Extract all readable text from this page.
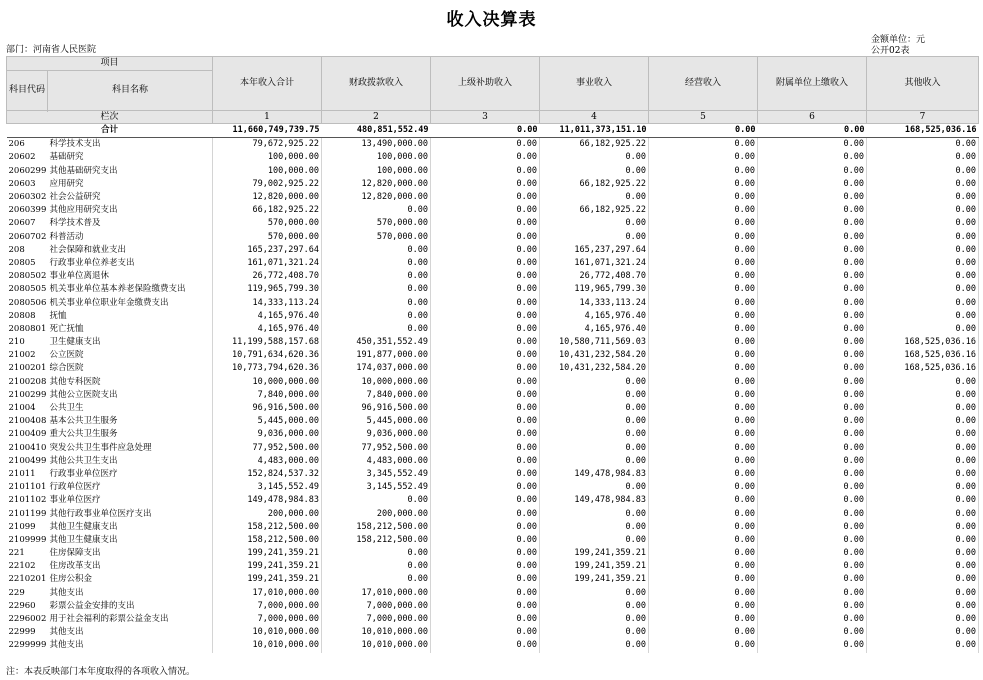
收入决算表
部门：河南省人民医院
金额单位：元
公开02表
项目		本年收入合计	财政拨款收入	上级补助收入	事业收入	经营收入	附属单位上缴收入	其他收入
科目代码	科目名称							

栏次		1	2	3	4	5	6	7
合计		11,660,749,739.75	480,851,552.49	0.00	11,011,373,151.10	0.00	0.00	168,525,036.16
206	科学技术支出	79,672,925.22	13,490,000.00	0.00	66,182,925.22	0.00	0.00	0.00
20602	基础研究	100,000.00	100,000.00	0.00	0.00	0.00	0.00	0.00
2060299	其他基础研究支出	100,000.00	100,000.00	0.00	0.00	0.00	0.00	0.00
20603	应用研究	79,002,925.22	12,820,000.00	0.00	66,182,925.22	0.00	0.00	0.00
2060302	社会公益研究	12,820,000.00	12,820,000.00	0.00	0.00	0.00	0.00	0.00
2060399	其他应用研究支出	66,182,925.22	0.00	0.00	66,182,925.22	0.00	0.00	0.00
20607	科学技术普及	570,000.00	570,000.00	0.00	0.00	0.00	0.00	0.00
2060702	科普活动	570,000.00	570,000.00	0.00	0.00	0.00	0.00	0.00
208	社会保障和就业支出	165,237,297.64	0.00	0.00	165,237,297.64	0.00	0.00	0.00
20805	行政事业单位养老支出	161,071,321.24	0.00	0.00	161,071,321.24	0.00	0.00	0.00
2080502	事业单位离退休	26,772,408.70	0.00	0.00	26,772,408.70	0.00	0.00	0.00
2080505	机关事业单位基本养老保险缴费支出	119,965,799.30	0.00	0.00	119,965,799.30	0.00	0.00	0.00
2080506	机关事业单位职业年金缴费支出	14,333,113.24	0.00	0.00	14,333,113.24	0.00	0.00	0.00
20808	抚恤	4,165,976.40	0.00	0.00	4,165,976.40	0.00	0.00	0.00
2080801	死亡抚恤	4,165,976.40	0.00	0.00	4,165,976.40	0.00	0.00	0.00
210	卫生健康支出	11,199,588,157.68	450,351,552.49	0.00	10,580,711,569.03	0.00	0.00	168,525,036.16
21002	公立医院	10,791,634,620.36	191,877,000.00	0.00	10,431,232,584.20	0.00	0.00	168,525,036.16
2100201	综合医院	10,773,794,620.36	174,037,000.00	0.00	10,431,232,584.20	0.00	0.00	168,525,036.16
2100208	其他专科医院	10,000,000.00	10,000,000.00	0.00	0.00	0.00	0.00	0.00
2100299	其他公立医院支出	7,840,000.00	7,840,000.00	0.00	0.00	0.00	0.00	0.00
21004	公共卫生	96,916,500.00	96,916,500.00	0.00	0.00	0.00	0.00	0.00
2100408	基本公共卫生服务	5,445,000.00	5,445,000.00	0.00	0.00	0.00	0.00	0.00
2100409	重大公共卫生服务	9,036,000.00	9,036,000.00	0.00	0.00	0.00	0.00	0.00
2100410	突发公共卫生事件应急处理	77,952,500.00	77,952,500.00	0.00	0.00	0.00	0.00	0.00
2100499	其他公共卫生支出	4,483,000.00	4,483,000.00	0.00	0.00	0.00	0.00	0.00
21011	行政事业单位医疗	152,824,537.32	3,345,552.49	0.00	149,478,984.83	0.00	0.00	0.00
2101101	行政单位医疗	3,145,552.49	3,145,552.49	0.00	0.00	0.00	0.00	0.00
2101102	事业单位医疗	149,478,984.83	0.00	0.00	149,478,984.83	0.00	0.00	0.00
2101199	其他行政事业单位医疗支出	200,000.00	200,000.00	0.00	0.00	0.00	0.00	0.00
21099	其他卫生健康支出	158,212,500.00	158,212,500.00	0.00	0.00	0.00	0.00	0.00
2109999	其他卫生健康支出	158,212,500.00	158,212,500.00	0.00	0.00	0.00	0.00	0.00
221	住房保障支出	199,241,359.21	0.00	0.00	199,241,359.21	0.00	0.00	0.00
22102	住房改革支出	199,241,359.21	0.00	0.00	199,241,359.21	0.00	0.00	0.00
2210201	住房公积金	199,241,359.21	0.00	0.00	199,241,359.21	0.00	0.00	0.00
229	其他支出	17,010,000.00	17,010,000.00	0.00	0.00	0.00	0.00	0.00
22960	彩票公益金安排的支出	7,000,000.00	7,000,000.00	0.00	0.00	0.00	0.00	0.00
2296002	用于社会福利的彩票公益金支出	7,000,000.00	7,000,000.00	0.00	0.00	0.00	0.00	0.00
22999	其他支出	10,010,000.00	10,010,000.00	0.00	0.00	0.00	0.00	0.00
2299999	其他支出	10,010,000.00	10,010,000.00	0.00	0.00	0.00	0.00	0.00
注：本表反映部门本年度取得的各项收入情况。
